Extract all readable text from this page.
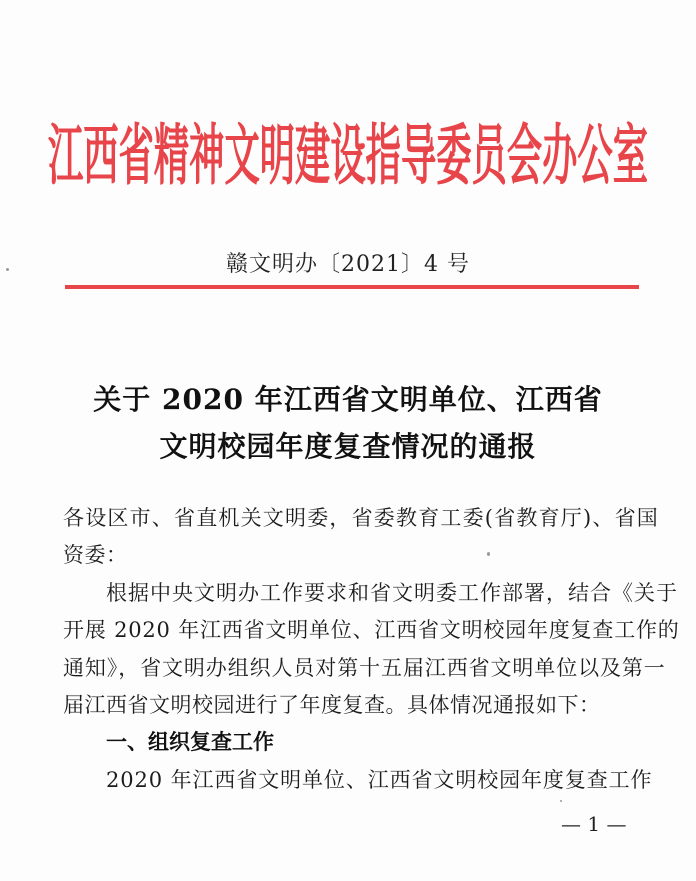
江西省精神文明建设指导委员会办公室
赣文明办〔2021〕4 号
关于 2020 年江西省文明单位、江西省
文明校园年度复查情况的通报
各设区市、省直机关文明委，省委教育工委(省教育厅)、省国
资委：
根据中央文明办工作要求和省文明委工作部署，结合《关于
开展 2020 年江西省文明单位、江西省文明校园年度复查工作的
通知》，省文明办组织人员对第十五届江西省文明单位以及第一
届江西省文明校园进行了年度复查。具体情况通报如下：
一、组织复查工作
2020 年江西省文明单位、江西省文明校园年度复查工作
— 1 —
